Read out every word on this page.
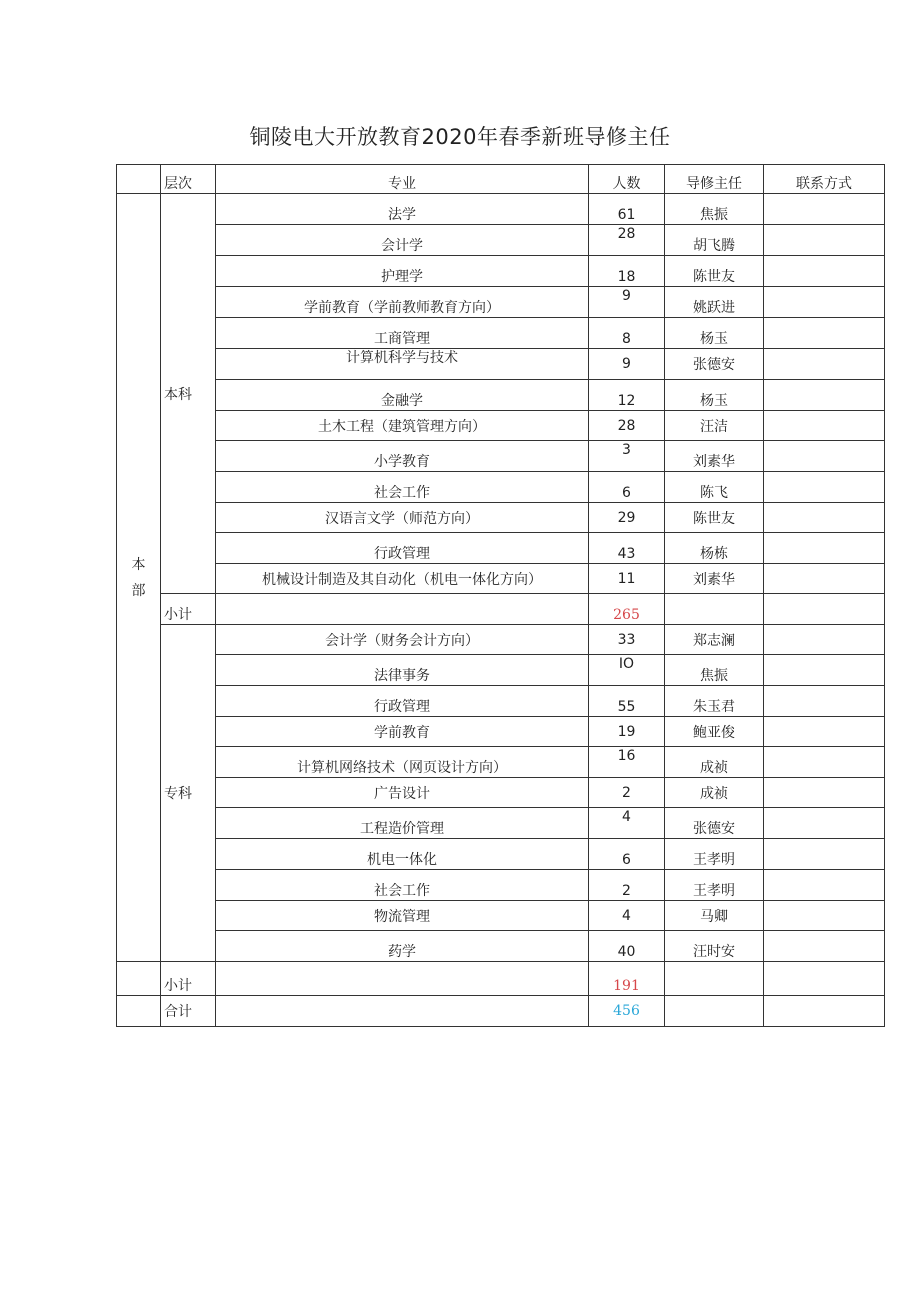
铜陵电大开放教育2020年春季新班导修主任
	层次	专业	人数	导修主任	联系方式
本部	本科	法学	61	焦振	
		会计学	28	胡飞腾	
		护理学	18	陈世友	
		学前教育（学前教师教育方向）	9	姚跃进	
		工商管理	8	杨玉	
		计算机科学与技术	9	张德安	
		金融学	12	杨玉	
		土木工程（建筑管理方向）	28	汪洁	
		小学教育	3	刘素华	
		社会工作	6	陈飞	
		汉语言文学（师范方向）	29	陈世友	
		行政管理	43	杨栋	
		机械设计制造及其自动化（机电一体化方向）	11	刘素华	
	小计		265		
	专科	会计学（财务会计方向）	33	郑志澜	
		法律事务	IO	焦振	
		行政管理	55	朱玉君	
		学前教育	19	鲍亚俊	
		计算机网络技术（网页设计方向）	16	成祯	
		广告设计	2	成祯	
		工程造价管理	4	张德安	
		机电一体化	6	王孝明	
		社会工作	2	王孝明	
		物流管理	4	马卿	
		药学	40	汪时安	
	小计		191		
	合计		456		
